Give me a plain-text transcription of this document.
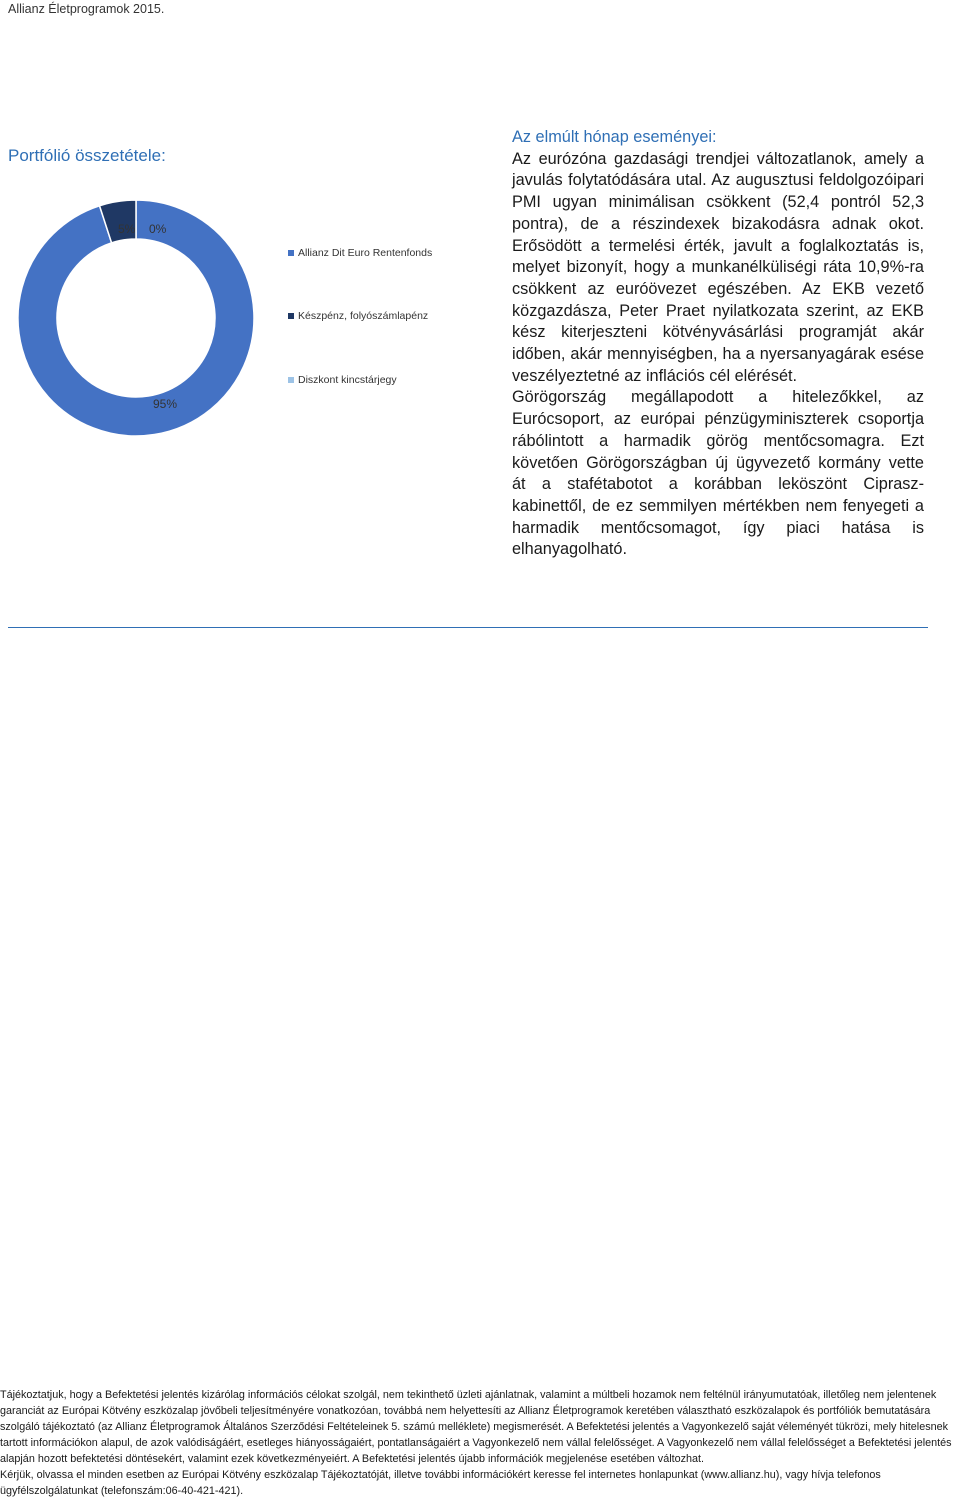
Allianz Életprogramok 2015.
Portfólió összetétele:
Allianz Dit Euro Rentenfonds
Készpénz, folyószámlapénz
Diszkont kincstárjegy
95%
5% 0%
Az elmúlt hónap eseményei:

Az eurózóna gazdasági trendjei változatlanok, amely a javulás folytatódására utal. Az augusztusi feldolgozóipari PMI ugyan minimálisan csökkent (52,4 pontról 52,3 pontra), de a részindexek bizakodásra adnak okot. Erősödött a termelési érték, javult a foglalkoztatás is, melyet bizonyít, hogy a munkanélküliségi ráta 10,9%-ra csökkent az euróövezet egészében. Az EKB vezető közgazdásza, Peter Praet nyilatkozata szerint, az EKB kész kiterjeszteni kötvényvásárlási programját akár időben, akár mennyiségben, ha a nyersanyagárak esése veszélyeztetné az inflációs cél elérését.

Görögország megállapodott a hitelezőkkel, az Eurócsoport, az európai pénzügyminiszterek csoportja rábólintott a harmadik görög mentőcsomagra. Ezt követően Görögországban új ügyvezető kormány vette át a stafétabotot a korábban leköszönt Ciprasz-kabinettől, de ez semmilyen mértékben nem fenyegeti a harmadik mentőcsomagot, így piaci hatása is elhanyagolható.

Tájékoztatjuk, hogy a Befektetési jelentés kizárólag információs célokat szolgál, nem tekinthető üzleti ajánlatnak, valamint a múltbeli hozamok nem feltélnül irányumutatóak, illetőleg nem jelentenek garanciát az Európai Kötvény eszközalap jövőbeli teljesítményére vonatkozóan, továbbá nem helyettesíti az Allianz Életprogramok keretében választható eszközalapok és portfóliók bemutatására szolgáló tájékoztató (az Allianz Életprogramok Általános Szerződési Feltételeinek 5. számú melléklete) megismerését. A Befektetési jelentés a Vagyonkezelő saját véleményét tükrözi, mely hitelesnek tartott információkon alapul, de azok valódiságáért, esetleges hiányosságaiért, pontatlanságaiért a Vagyonkezelő nem vállal felelősséget. A Vagyonkezelő nem vállal felelősséget a Befektetési jelentés alapján hozott befektetési döntésekért, valamint ezek következményeiért. A Befektetési jelentés újabb információk megjelenése esetében változhat.

Kérjük, olvassa el minden esetben az Európai Kötvény eszközalap Tájékoztatóját, illetve további információkért keresse fel internetes honlapunkat (www.allianz.hu), vagy hívja telefonos ügyfélszolgálatunkat (telefonszám:06-40-421-421).
